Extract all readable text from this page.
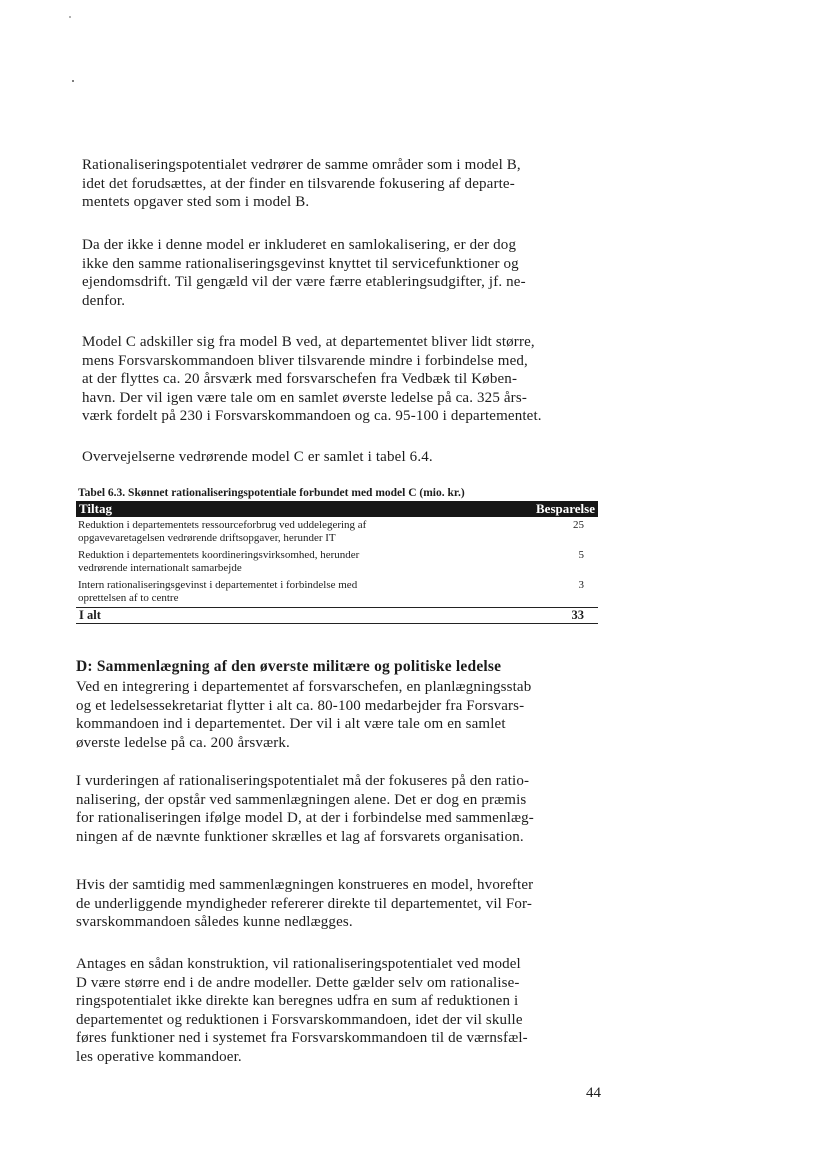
Rationaliseringspotentialet vedrører de samme områder som i model B,
idet det forudsættes, at der finder en tilsvarende fokusering af departe-
mentets opgaver sted som i model B.

Da der ikke i denne model er inkluderet en samlokalisering, er der dog
ikke den samme rationaliseringsgevinst knyttet til servicefunktioner og
ejendomsdrift. Til gengæld vil der være færre etableringsudgifter, jf. ne-
denfor.

Model C adskiller sig fra model B ved, at departementet bliver lidt større,
mens Forsvarskommandoen bliver tilsvarende mindre i forbindelse med,
at der flyttes ca. 20 årsværk med forsvarschefen fra Vedbæk til Køben-
havn. Der vil igen være tale om en samlet øverste ledelse på ca. 325 års-
værk fordelt på 230 i Forsvarskommandoen og ca. 95-100 i departementet.

Overvejelserne vedrørende model C er samlet i tabel 6.4.

Tabel 6.3. Skønnet rationaliseringspotentiale forbundet med model C (mio. kr.)

Tiltag	Besparelse
Reduktion i departementets ressourceforbrug ved uddelegering af
opgavevaretagelsen vedrørende driftsopgaver, herunder IT	25
Reduktion i departementets koordineringsvirksomhed, herunder
vedrørende internationalt samarbejde	5
Intern rationaliseringsgevinst i departementet i forbindelse med
oprettelsen af to centre	3
I alt	33
D: Sammenlægning af den øverste militære og politiske ledelse

Ved en integrering i departementet af forsvarschefen, en planlægningsstab
og et ledelsessekretariat flytter i alt ca. 80-100 medarbejder fra Forsvars-
kommandoen ind i departementet. Der vil i alt være tale om en samlet
øverste ledelse på ca. 200 årsværk.

I vurderingen af rationaliseringspotentialet må der fokuseres på den ratio-
nalisering, der opstår ved sammenlægningen alene. Det er dog en præmis
for rationaliseringen ifølge model D, at der i forbindelse med sammenlæg-
ningen af de nævnte funktioner skrælles et lag af forsvarets organisation.

Hvis der samtidig med sammenlægningen konstrueres en model, hvorefter
de underliggende myndigheder refererer direkte til departementet, vil For-
svarskommandoen således kunne nedlægges.

Antages en sådan konstruktion, vil rationaliseringspotentialet ved model
D være større end i de andre modeller. Dette gælder selv om rationalise-
ringspotentialet ikke direkte kan beregnes udfra en sum af reduktionen i
departementet og reduktionen i Forsvarskommandoen, idet der vil skulle
føres funktioner ned i systemet fra Forsvarskommandoen til de værnsfæl-
les operative kommandoer.

44
